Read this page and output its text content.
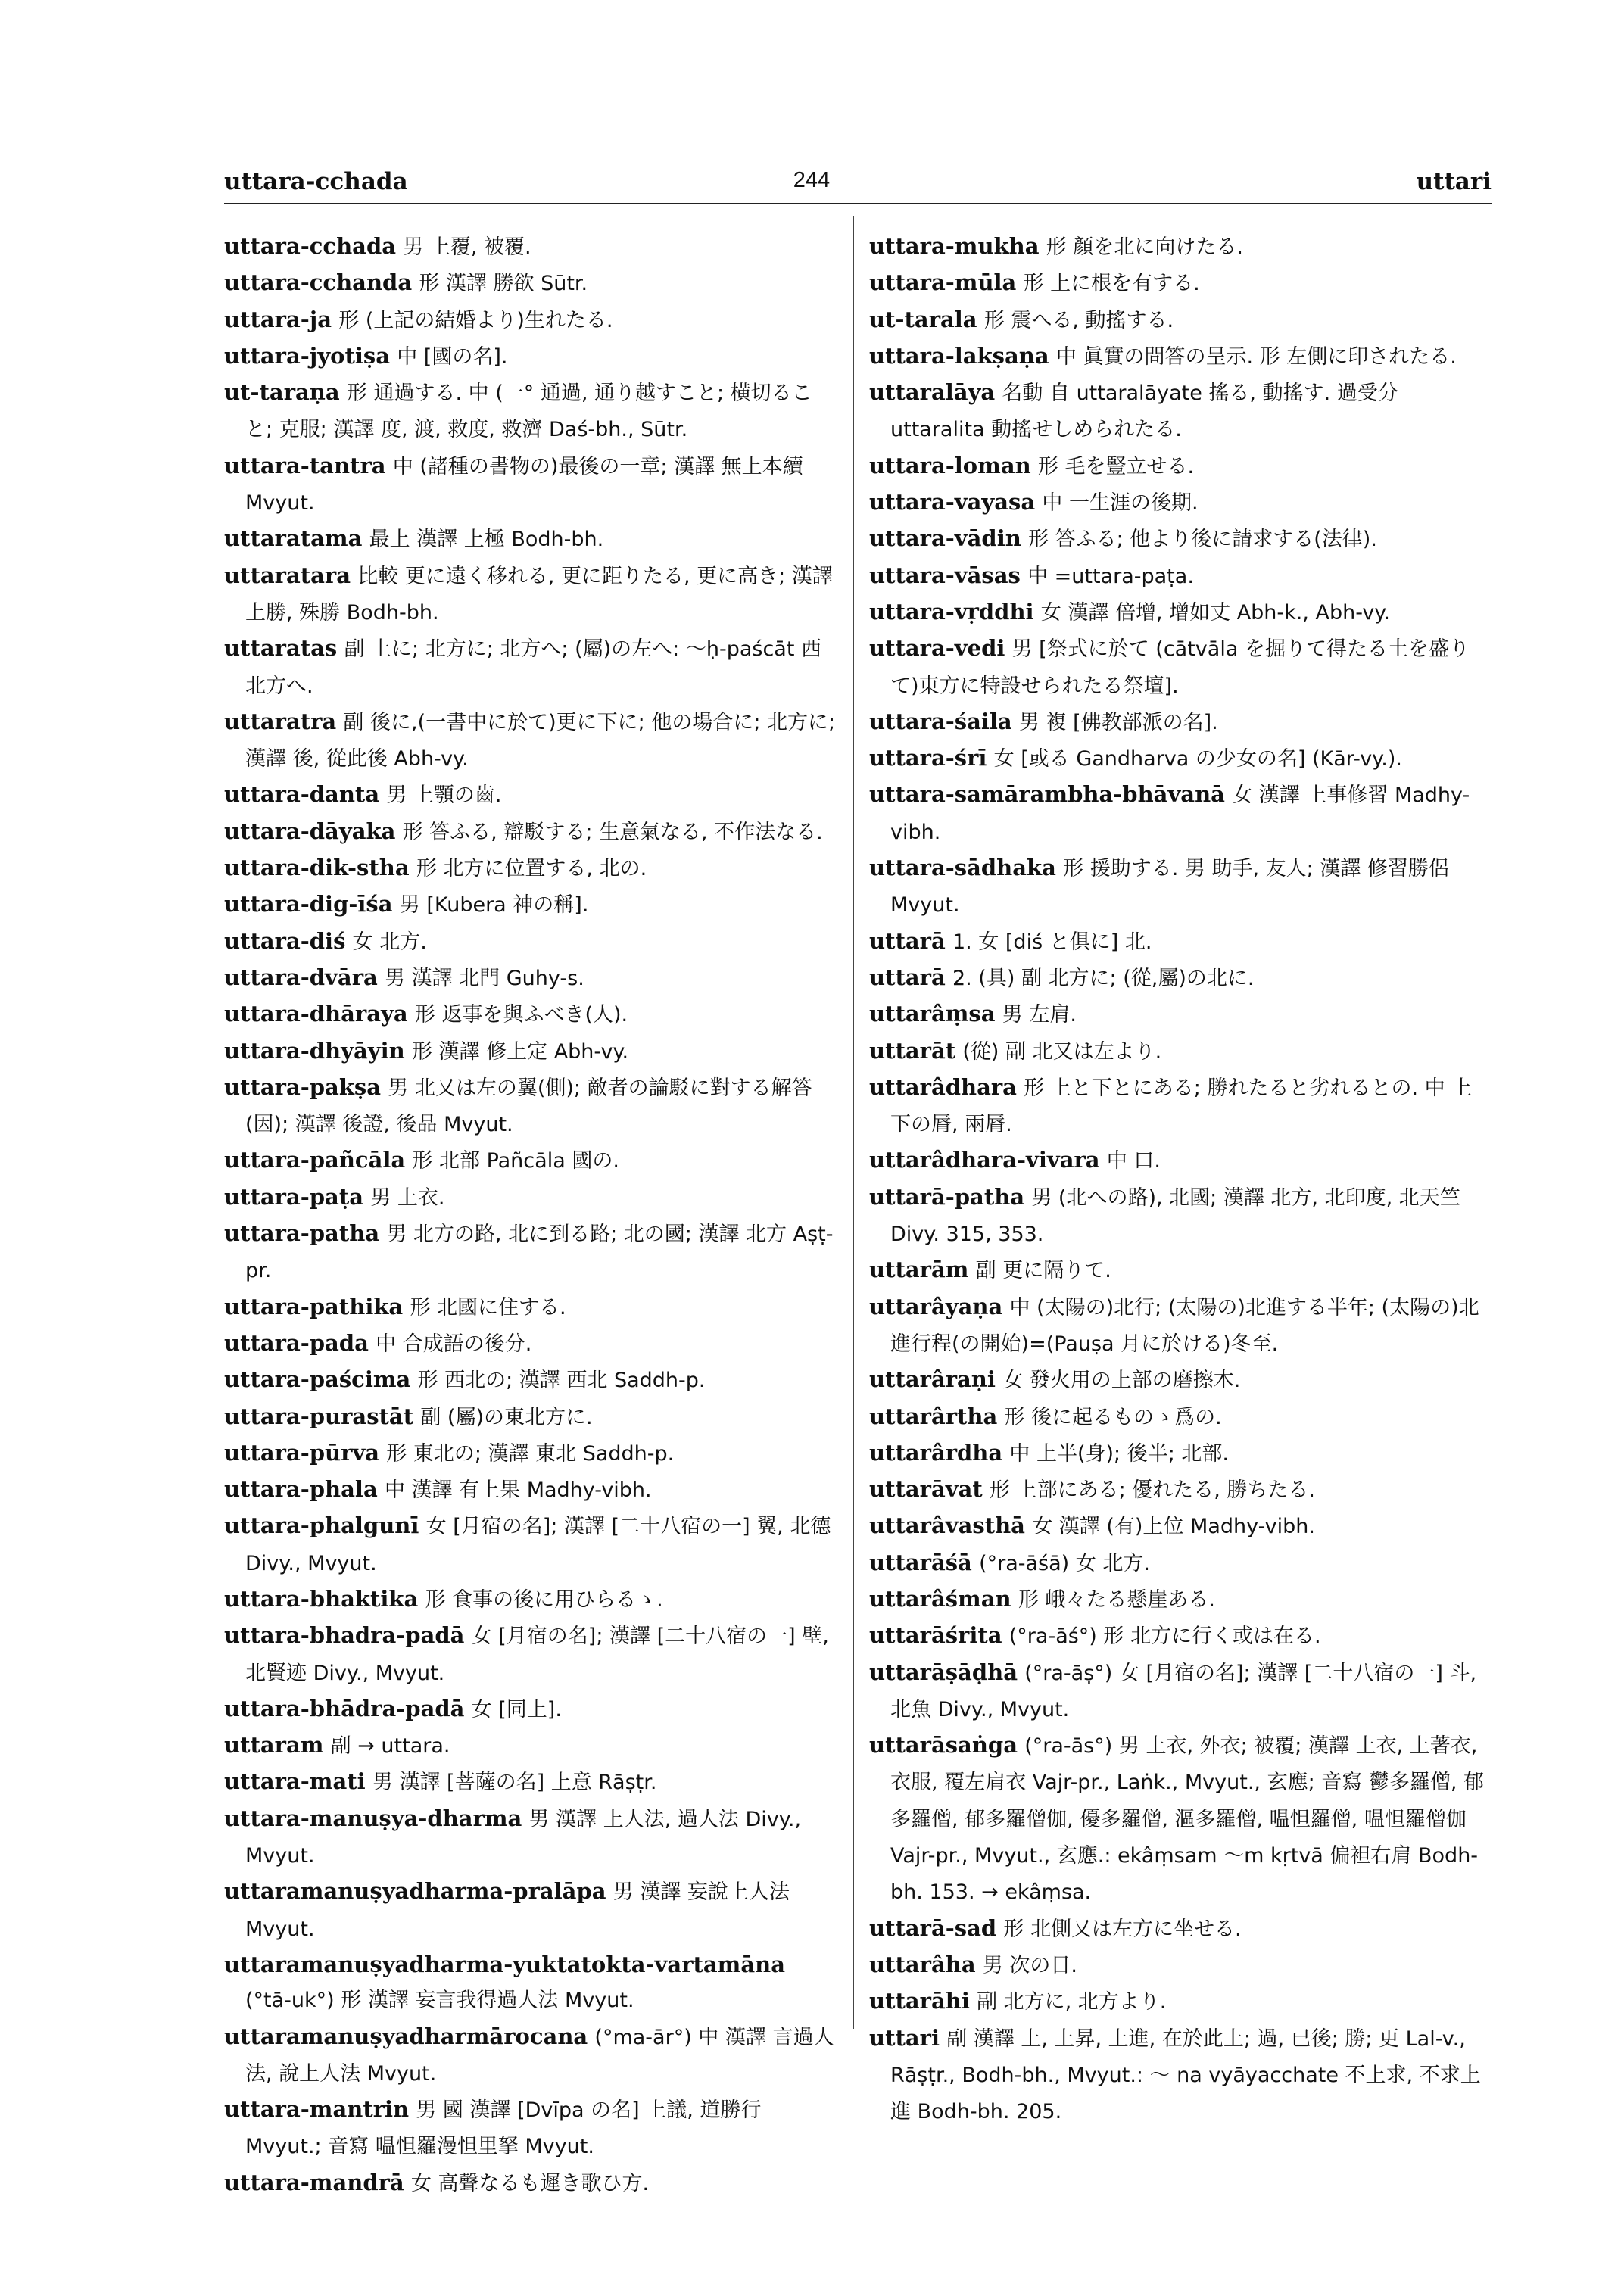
uttara-cchada	244	uttari

uttara-cchada 男 上覆, 被覆.

uttara-cchanda 形 漢譯 勝欲 Sūtr.

uttara-ja 形 (上記の結婚より)生れたる.

uttara-jyotiṣa 中 [國の名].

ut-taraṇa 形 通過する. 中 (一° 通過, 通り越すこと; 横切ること; 克服; 漢譯 度, 渡, 救度, 救濟 Daś-bh., Sūtr.

uttara-tantra 中 (諸種の書物の)最後の一章; 漢譯 無上本續 Mvyut.

uttaratama 最上 漢譯 上極 Bodh-bh.

uttaratara 比較 更に遠く移れる, 更に距りたる, 更に高き; 漢譯 上勝, 殊勝 Bodh-bh.

uttaratas 副 上に; 北方に; 北方へ; (屬)の左へ: 〜ḥ-paścāt 西北方へ.

uttaratra 副 後に,(一書中に於て)更に下に; 他の場合に; 北方に; 漢譯 後, 從此後 Abh-vy.

uttara-danta 男 上顎の齒.

uttara-dāyaka 形 答ふる, 辯駁する; 生意氣なる, 不作法なる.

uttara-dik-stha 形 北方に位置する, 北の.

uttara-dig-īśa 男 [Kubera 神の稱].

uttara-diś 女 北方.

uttara-dvāra 男 漢譯 北門 Guhy-s.

uttara-dhāraya 形 返事を與ふべき(人).

uttara-dhyāyin 形 漢譯 修上定 Abh-vy.

uttara-pakṣa 男 北又は左の翼(側); 敵者の論駁に對する解答(因); 漢譯 後證, 後品 Mvyut.

uttara-pañcāla 形 北部 Pañcāla 國の.

uttara-paṭa 男 上衣.

uttara-patha 男 北方の路, 北に到る路; 北の國; 漢譯 北方 Aṣṭ-pr.

uttara-pathika 形 北國に住する.

uttara-pada 中 合成語の後分.

uttara-paścima 形 西北の; 漢譯 西北 Saddh-p.

uttara-purastāt 副 (屬)の東北方に.

uttara-pūrva 形 東北の; 漢譯 東北 Saddh-p.

uttara-phala 中 漢譯 有上果 Madhy-vibh.

uttara-phalgunī 女 [月宿の名]; 漢譯 [二十八宿の一] 翼, 北德 Divy., Mvyut.

uttara-bhaktika 形 食事の後に用ひらるゝ.

uttara-bhadra-padā 女 [月宿の名]; 漢譯 [二十八宿の一] 壁, 北賢迹 Divy., Mvyut.

uttara-bhādra-padā 女 [同上].

uttaram 副 → uttara.

uttara-mati 男 漢譯 [菩薩の名] 上意 Rāṣṭr.

uttara-manuṣya-dharma 男 漢譯 上人法, 過人法 Divy., Mvyut.

uttaramanuṣyadharma-pralāpa 男 漢譯 妄說上人法 Mvyut.

uttaramanuṣyadharma-yuktatokta-vartamāna (°tā-uk°) 形 漢譯 妄言我得過人法 Mvyut.

uttaramanuṣyadharmārocana (°ma-ār°) 中 漢譯 言過人法, 說上人法 Mvyut.

uttara-mantrin 男 國 漢譯 [Dvīpa の名] 上議, 道勝行 Mvyut.; 音寫 嗢怛羅漫怛里拏 Mvyut.

uttara-mandrā 女 高聲なるも遲き歌ひ方.

uttara-mukha 形 顏を北に向けたる.

uttara-mūla 形 上に根を有する.

ut-tarala 形 震へる, 動搖する.

uttara-lakṣaṇa 中 眞實の問答の呈示. 形 左側に印されたる.

uttaralāya 名動 自 uttaralāyate 搖る, 動搖す. 過受分 uttaralita 動搖せしめられたる.

uttara-loman 形 毛を豎立せる.

uttara-vayasa 中 一生涯の後期.

uttara-vādin 形 答ふる; 他より後に請求する(法律).

uttara-vāsas 中 =uttara-paṭa.

uttara-vṛddhi 女 漢譯 倍增, 增如丈 Abh-k., Abh-vy.

uttara-vedi 男 [祭式に於て (cātvāla を掘りて得たる土を盛りて)東方に特設せられたる祭壇].

uttara-śaila 男 複 [佛教部派の名].

uttara-śrī 女 [或る Gandharva の少女の名] (Kār-vy.).

uttara-samārambha-bhāvanā 女 漢譯 上事修習 Madhy-vibh.

uttara-sādhaka 形 援助する. 男 助手, 友人; 漢譯 修習勝侶 Mvyut.

uttarā 1. 女 [diś と俱に] 北.

uttarā 2. (具) 副 北方に; (從,屬)の北に.

uttarâṃsa 男 左肩.

uttarāt (從) 副 北又は左より.

uttarâdhara 形 上と下とにある; 勝れたると劣れるとの. 中 上下の脣, 兩脣.

uttarâdhara-vivara 中 口.

uttarā-patha 男 (北への路), 北國; 漢譯 北方, 北印度, 北天竺 Divy. 315, 353.

uttarām 副 更に隔りて.

uttarâyaṇa 中 (太陽の)北行; (太陽の)北進する半年; (太陽の)北進行程(の開始)=(Pauṣa 月に於ける)冬至.

uttarâraṇi 女 發火用の上部の磨擦木.

uttarârtha 形 後に起るものゝ爲の.

uttarârdha 中 上半(身); 後半; 北部.

uttarāvat 形 上部にある; 優れたる, 勝ちたる.

uttarâvasthā 女 漢譯 (有)上位 Madhy-vibh.

uttarāśā (°ra-āśā) 女 北方.

uttarâśman 形 峨々たる懸崖ある.

uttarāśrita (°ra-āś°) 形 北方に行く或は在る.

uttarāṣāḍhā (°ra-āṣ°) 女 [月宿の名]; 漢譯 [二十八宿の一] 斗, 北魚 Divy., Mvyut.

uttarāsaṅga (°ra-ās°) 男 上衣, 外衣; 被覆; 漢譯 上衣, 上著衣, 衣服, 覆左肩衣 Vajr-pr., Laṅk., Mvyut., 玄應; 音寫 鬱多羅僧, 郁多羅僧, 郁多羅僧伽, 優多羅僧, 漚多羅僧, 嗢怛羅僧, 嗢怛羅僧伽 Vajr-pr., Mvyut., 玄應.: ekâṃsam 〜m kṛtvā 偏袒右肩 Bodh-bh. 153. → ekâṃsa.

uttarā-sad 形 北側又は左方に坐せる.

uttarâha 男 次の日.

uttarāhi 副 北方に, 北方より.

uttari 副 漢譯 上, 上昇, 上進, 在於此上; 過, 已後; 勝; 更 Lal-v., Rāṣṭr., Bodh-bh., Mvyut.: 〜 na vyāyacchate 不上求, 不求上進 Bodh-bh. 205.
